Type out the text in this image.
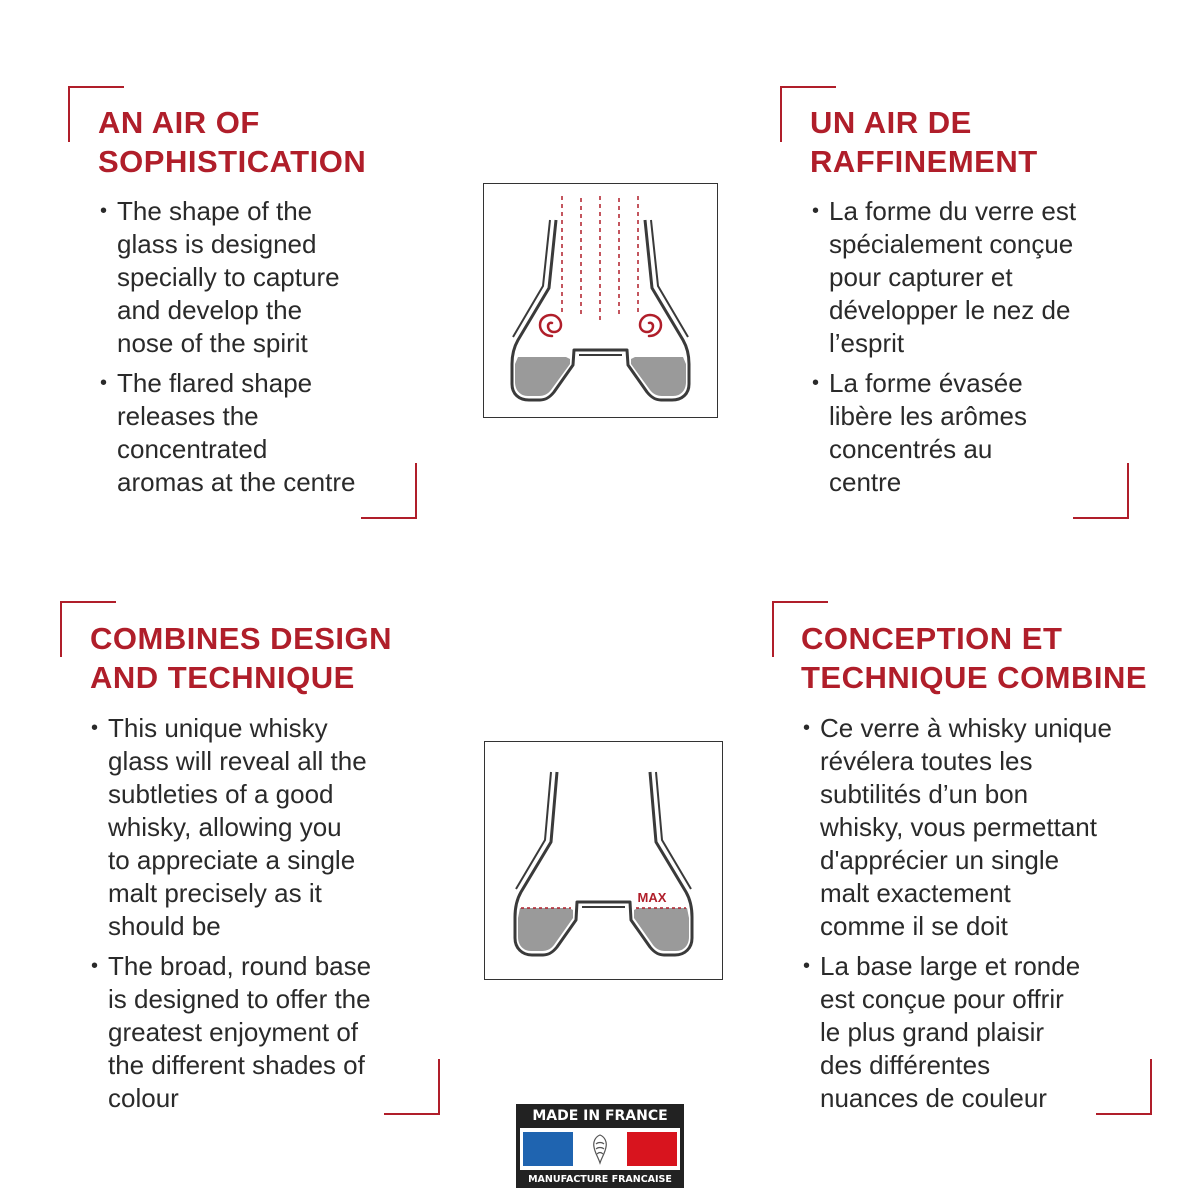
AN AIR OF
SOPHISTICATION
• The shape of the
glass is designed
specially to capture
and develop the
nose of the spirit
• The flared shape
releases the
concentrated
aromas at the centre
UN AIR DE
RAFFINEMENT
• La forme du verre est
spécialement conçue
pour capturer et
développer le nez de
l’esprit
• La forme évasée
libère les arômes
concentrés au
centre
COMBINES DESIGN
AND TECHNIQUE
• This unique whisky
glass will reveal all the
subtleties of a good
whisky, allowing you
to appreciate a single
malt precisely as it
should be
• The broad, round base
is designed to offer the
greatest enjoyment of
the different shades of
colour
CONCEPTION ET
TECHNIQUE COMBINE
• Ce verre à whisky unique
révélera toutes les
subtilités d’un bon
whisky, vous permettant
d'apprécier un single
malt exactement
comme il se doit
• La base large et ronde
est conçue pour offrir
le plus grand plaisir
des différentes
nuances de couleur
MAX
MADE IN FRANCE
MANUFACTURE FRANCAISE
